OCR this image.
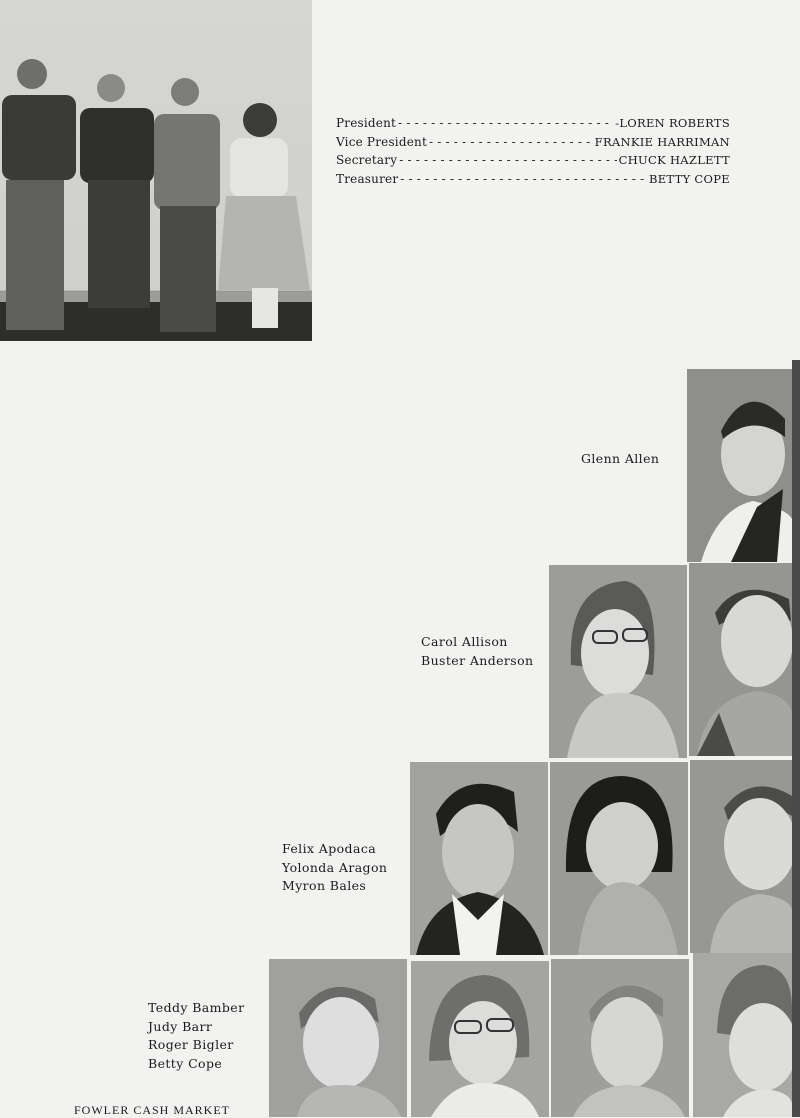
President - - -	-LOREN ROBERTS
Vice President - - -	FRANKIE HARRIMAN
Secretary - - -	CHUCK HAZLETT
Treasurer - - -	BETTY COPE
Glenn Allen
Carol Allison
Buster Anderson
Felix Apodaca
Yolonda Aragon
Myron Bales
Teddy Bamber
Judy Barr
Roger Bigler
Betty Cope
FOWLER CASH MARKET
